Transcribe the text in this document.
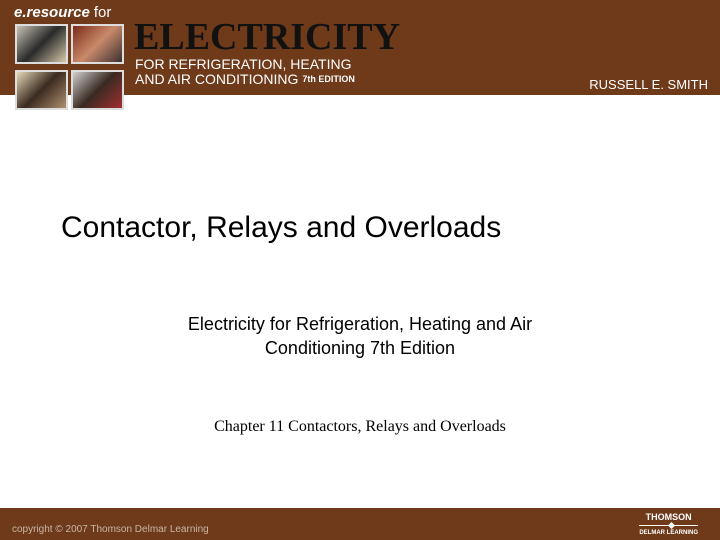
e.resource for
ELECTRICITY
FOR REFRIGERATION, HEATING
AND AIR CONDITIONING $^{7th EDITION}$	RUSSELL E. SMITH
Contactor, Relays and Overloads
Electricity for Refrigeration, Heating and Air Conditioning 7th Edition
Chapter 11 Contactors, Relays and Overloads
copyright © 2007 Thomson Delmar Learning
THOMSON
DELMAR LEARNING
